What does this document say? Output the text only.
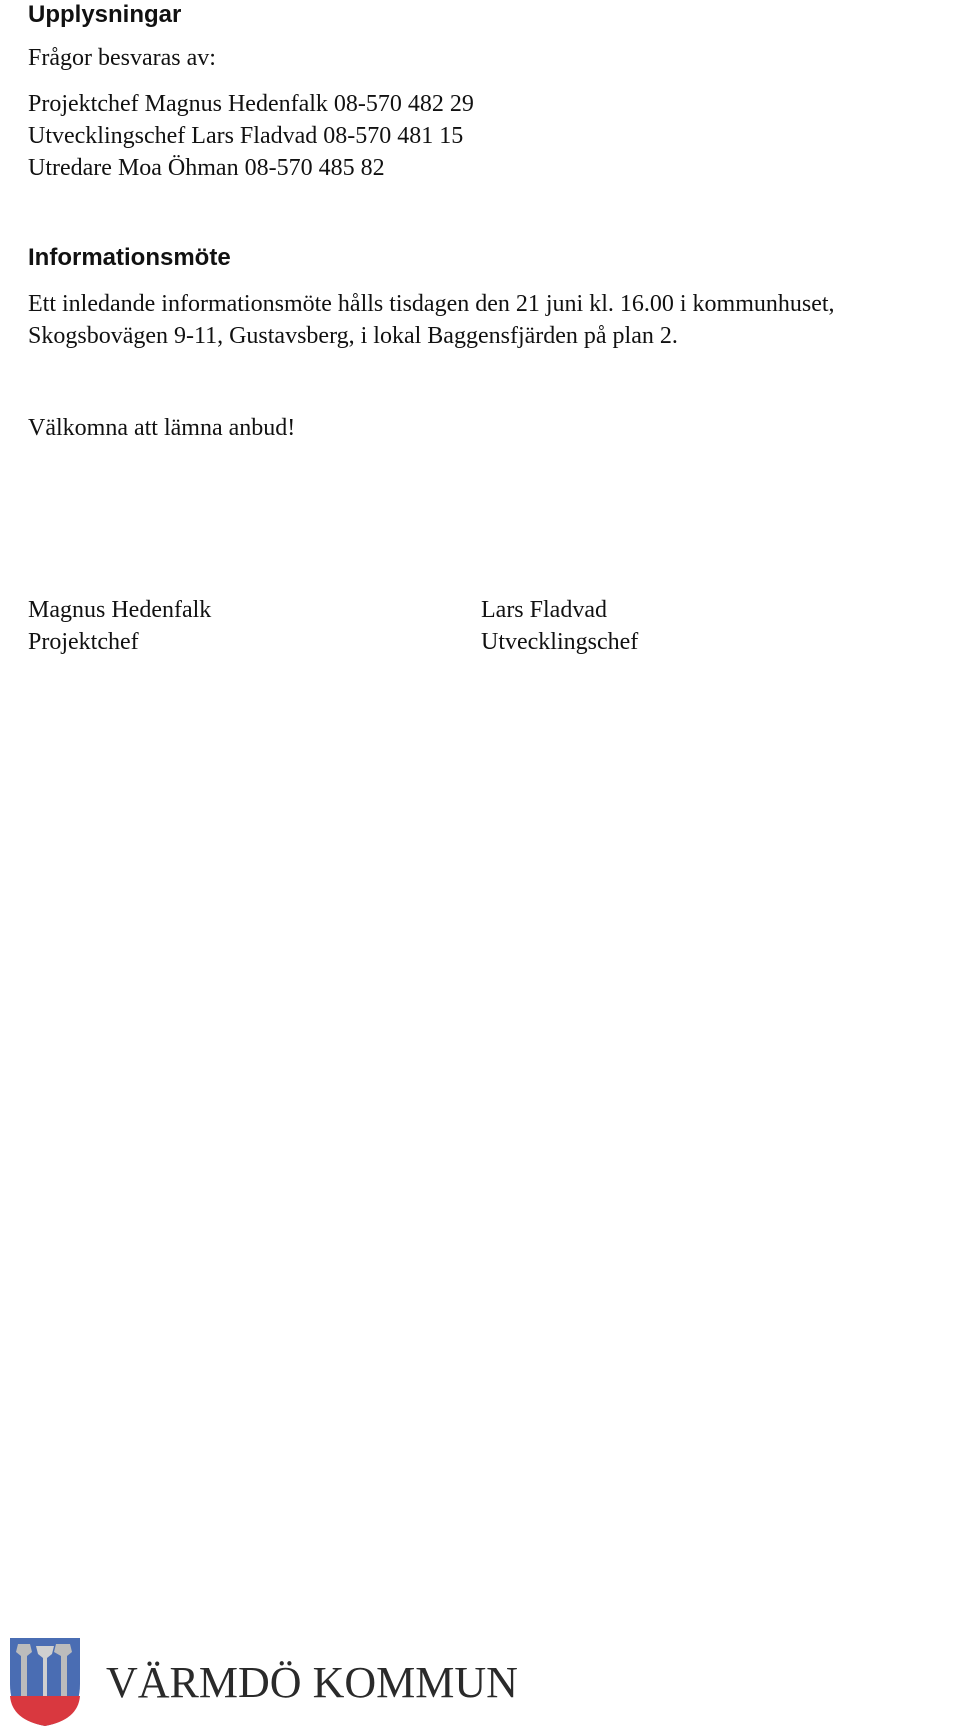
Upplysningar

Frågor besvaras av:

Projektchef Magnus Hedenfalk 08-570 482 29

Utvecklingschef Lars Fladvad 08-570 481 15

Utredare Moa Öhman 08-570 485 82

Informationsmöte

Ett inledande informationsmöte hålls tisdagen den 21 juni kl. 16.00 i kommunhuset,

Skogsbovägen 9-11, Gustavsberg, i lokal Baggensfjärden på plan 2.

Välkomna att lämna anbud!

Magnus Hedenfalk

Projektchef

Lars Fladvad

Utvecklingschef

VÄRMDÖ KOMMUN
